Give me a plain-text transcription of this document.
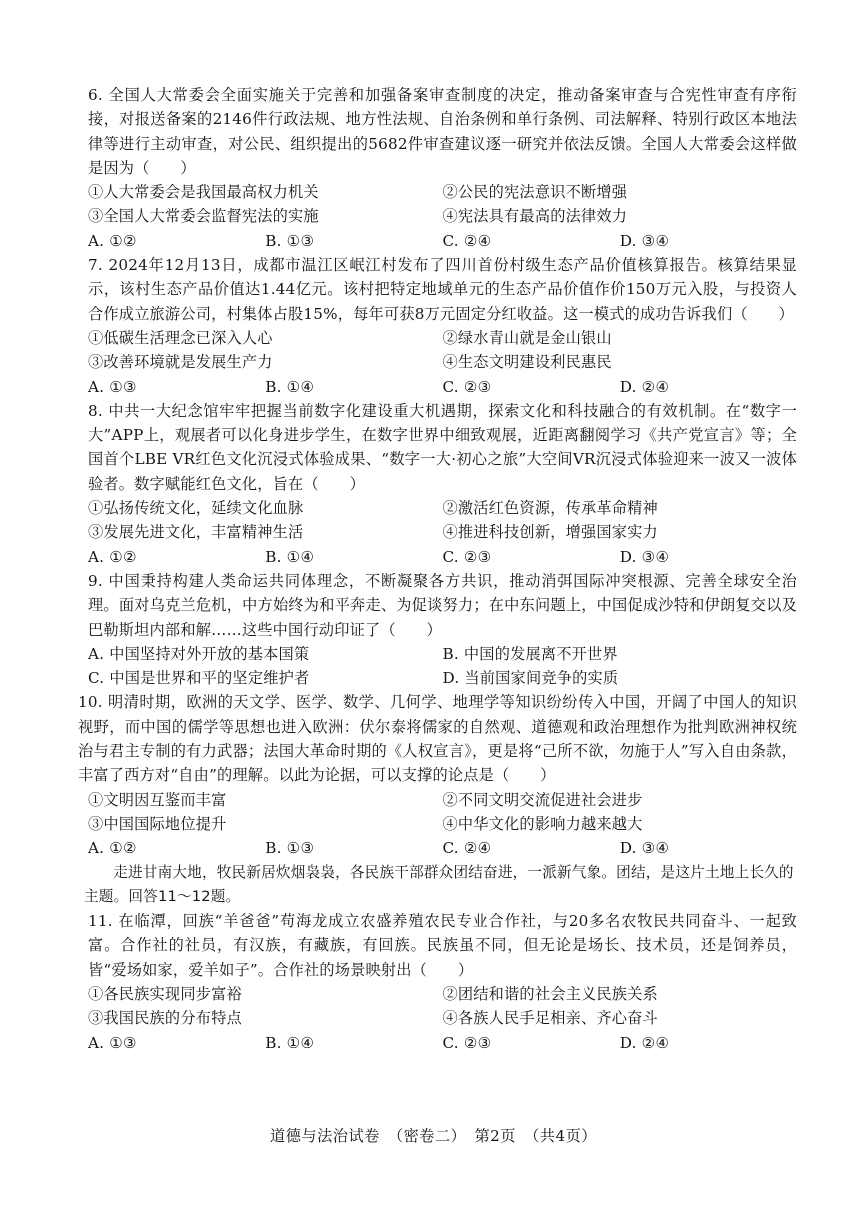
6. 全国人大常委会全面实施关于完善和加强备案审查制度的决定，推动备案审查与合宪性审查有序衔接，对报送备案的2146件行政法规、地方性法规、自治条例和单行条例、司法解释、特别行政区本地法律等进行主动审查，对公民、组织提出的5682件审查建议逐一研究并依法反馈。全国人大常委会这样做是因为（　　）
①人大常委会是我国最高权力机关	②公民的宪法意识不断增强
③全国人大常委会监督宪法的实施	④宪法具有最高的法律效力
A. ①②	B. ①③	C. ②④	D. ③④
7. 2024年12月13日，成都市温江区岷江村发布了四川首份村级生态产品价值核算报告。核算结果显示，该村生态产品价值达1.44亿元。该村把特定地域单元的生态产品价值作价150万元入股，与投资人合作成立旅游公司，村集体占股15%，每年可获8万元固定分红收益。这一模式的成功告诉我们（　　）
①低碳生活理念已深入人心	②绿水青山就是金山银山
③改善环境就是发展生产力	④生态文明建设利民惠民
A. ①③	B. ①④	C. ②③	D. ②④
8. 中共一大纪念馆牢牢把握当前数字化建设重大机遇期，探索文化和科技融合的有效机制。在“数字一大”APP上，观展者可以化身进步学生，在数字世界中细致观展，近距离翻阅学习《共产党宣言》等；全国首个LBE VR红色文化沉浸式体验成果、“数字一大·初心之旅”大空间VR沉浸式体验迎来一波又一波体验者。数字赋能红色文化，旨在（　　）
①弘扬传统文化，延续文化血脉	②激活红色资源，传承革命精神
③发展先进文化，丰富精神生活	④推进科技创新，增强国家实力
A. ①②	B. ①④	C. ②③	D. ③④
9. 中国秉持构建人类命运共同体理念，不断凝聚各方共识，推动消弭国际冲突根源、完善全球安全治理。面对乌克兰危机，中方始终为和平奔走、为促谈努力；在中东问题上，中国促成沙特和伊朗复交以及巴勒斯坦内部和解……这些中国行动印证了（　　）
A. 中国坚持对外开放的基本国策	B. 中国的发展离不开世界
C. 中国是世界和平的坚定维护者	D. 当前国家间竞争的实质
10. 明清时期，欧洲的天文学、医学、数学、几何学、地理学等知识纷纷传入中国，开阔了中国人的知识视野，而中国的儒学等思想也进入欧洲：伏尔泰将儒家的自然观、道德观和政治理想作为批判欧洲神权统治与君主专制的有力武器；法国大革命时期的《人权宣言》，更是将“己所不欲，勿施于人”写入自由条款，丰富了西方对“自由”的理解。以此为论据，可以支撑的论点是（　　）
①文明因互鉴而丰富	②不同文明交流促进社会进步
③中国国际地位提升	④中华文化的影响力越来越大
A. ①②	B. ①③	C. ②④	D. ③④
走进甘南大地，牧民新居炊烟袅袅，各民族干部群众团结奋进，一派新气象。团结，是这片土地上长久的主题。回答11～12题。
11. 在临潭，回族“羊爸爸”苟海龙成立农盛养殖农民专业合作社，与20多名农牧民共同奋斗、一起致富。合作社的社员，有汉族，有藏族，有回族。民族虽不同，但无论是场长、技术员，还是饲养员，皆“爱场如家，爱羊如子”。合作社的场景映射出（　　）
①各民族实现同步富裕	②团结和谐的社会主义民族关系
③我国民族的分布特点	④各族人民手足相亲、齐心奋斗
A. ①③	B. ①④	C. ②③	D. ②④
道德与法治试卷　（密卷二）　第2页　（共4页）
